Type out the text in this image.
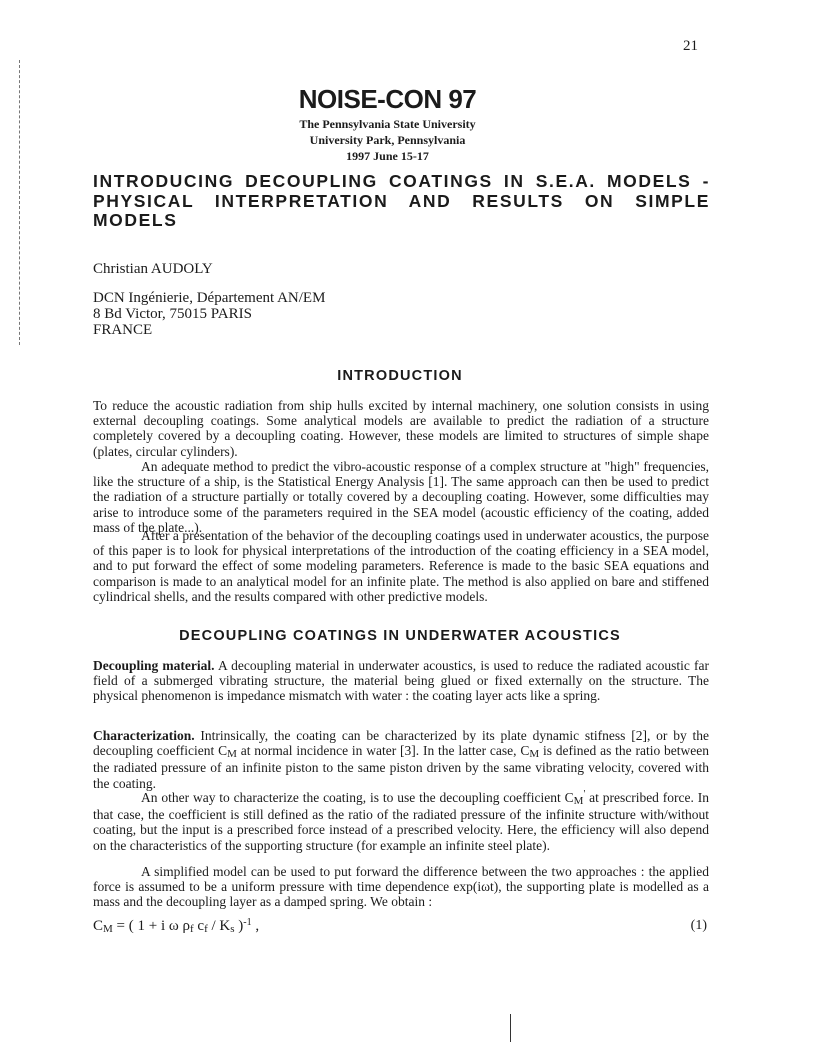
21
NOISE-CON 97
The Pennsylvania State University
University Park, Pennsylvania
1997 June 15-17

INTRODUCING DECOUPLING COATINGS IN S.E.A. MODELS - PHYSICAL INTERPRETATION AND RESULTS ON SIMPLE MODELS

Christian AUDOLY
DCN Ingénierie, Département AN/EM
8 Bd Victor, 75015 PARIS
FRANCE
INTRODUCTION

To reduce the acoustic radiation from ship hulls excited by internal machinery, one solution consists in using external decoupling coatings. Some analytical models are available to predict the radiation of a structure completely covered by a decoupling coating. However, these models are limited to structures of simple shape (plates, circular cylinders).

An adequate method to predict the vibro-acoustic response of a complex structure at "high" frequencies, like the structure of a ship, is the Statistical Energy Analysis [1]. The same approach can then be used to predict the radiation of a structure partially or totally covered by a decoupling coating. However, some difficulties may arise to introduce some of the parameters required in the SEA model (acoustic efficiency of the coating, added mass of the plate...).

After a presentation of the behavior of the decoupling coatings used in underwater acoustics, the purpose of this paper is to look for physical interpretations of the introduction of the coating efficiency in a SEA model, and to put forward the effect of some modeling parameters. Reference is made to the basic SEA equations and comparison is made to an analytical model for an infinite plate. The method is also applied on bare and stiffened cylindrical shells, and the results compared with other predictive models.

DECOUPLING COATINGS IN UNDERWATER ACOUSTICS

Decoupling material. A decoupling material in underwater acoustics, is used to reduce the radiated acoustic far field of a submerged vibrating structure, the material being glued or fixed externally on the structure. The physical phenomenon is impedance mismatch with water : the coating layer acts like a spring.

Characterization. Intrinsically, the coating can be characterized by its plate dynamic stifness [2], or by the decoupling coefficient CM at normal incidence in water [3]. In the latter case, CM is defined as the ratio between the radiated pressure of an infinite piston to the same piston driven by the same vibrating velocity, covered with the coating.

An other way to characterize the coating, is to use the decoupling coefficient CM' at prescribed force. In that case, the coefficient is still defined as the ratio of the radiated pressure of the infinite structure with/without coating, but the input is a prescribed force instead of a prescribed velocity. Here, the efficiency will also depend on the characteristics of the supporting structure (for example an infinite steel plate).

A simplified model can be used to put forward the difference between the two approaches : the applied force is assumed to be a uniform pressure with time dependence exp(iωt), the supporting plate is modelled as a mass and the decoupling layer as a damped spring. We obtain :

CM = ( 1 + i ω ρf cf / Ks )$^{-1}$ ,	(1)
